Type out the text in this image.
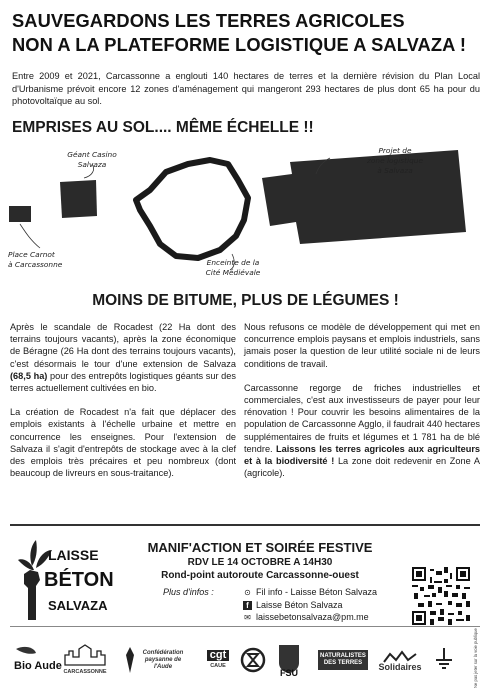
SAUVEGARDONS LES TERRES AGRICOLES
NON A LA PLATEFORME LOGISTIQUE A SALVAZA !
Entre 2009 et 2021, Carcassonne a englouti 140 hectares de terres et la dernière révision du Plan Local d'Urbanisme prévoit encore 12 zones d'aménagement qui mangeront 293 hectares de plus dont 65 ha pour du photovoltaïque au sol.
EMPRISES AU SOL.... MÊME ÉCHELLE !!
Géant Casino
Salvaza
Place Carnot
à Carcassonne	Enceinte de la
Cité Médiévale
Projet de
zone logistique
à Salvaza
MOINS DE BITUME, PLUS DE LÉGUMES !

Après le scandale de Rocadest (22 Ha dont des terrains toujours vacants), après la zone économique de Béragne (26 Ha dont des terrains toujours vacants), c'est désormais le tour d'une extension de Salvaza (68,5 ha) pour des entrepôts logistiques géants sur des terres actuellement cultivées en bio.

La création de Rocadest n'a fait que déplacer des emplois existants à l'échelle urbaine et mettre en concurrence les enseignes. Pour l'extension de Salvaza il s'agit d'entrepôts de stockage avec à la clef des emplois très précaires et peu nombreux (dont beaucoup de livreurs en sous-traitance).

Nous refusons ce modèle de développement qui met en concurrence emplois paysans et emplois industriels, sans jamais poser la question de leur utilité sociale ni de leurs conditions de travail.

Carcassonne regorge de friches industrielles et commerciales, c'est aux investisseurs de payer pour leur rénovation ! Pour couvrir les besoins alimentaires de la population de Carcassonne Agglo, il faudrait 440 hectares supplémentaires de fruits et légumes et 1 781 ha de blé tendre. Laissons les terres agricoles aux agriculteurs et à la biodiversité ! La zone doit redevenir en Zone A (agricole).

LAISSE
BÉTON
SALVAZA
MANIF'ACTION ET SOIRÉE FESTIVE
RDV LE 14 OCTOBRE A 14H30
Rond-point autoroute Carcassonne-ouest
Plus d'infos :	⊙ Fil info - Laisse Béton Salvaza
f Laisse Béton Salvaza
✉ laissebetonsalvaza@pm.me
Bio Aude CARCASSONNE
Confédération paysanne de l'Aude
cgt
CAUE
FSU
NATURALISTES DES TERRES	Solidaires	Ne pas jeter sur la voie publique
